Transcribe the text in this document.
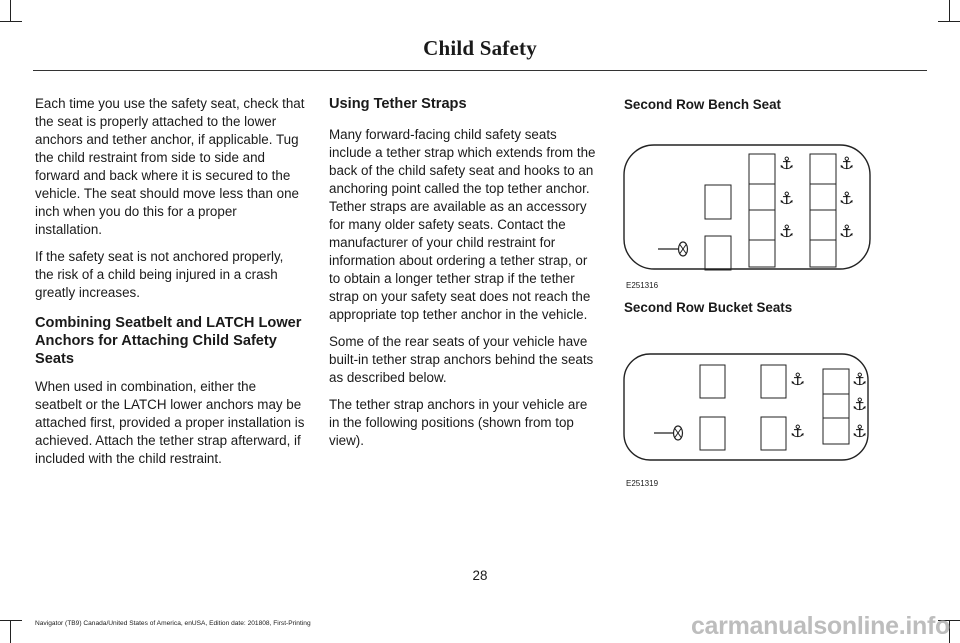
Child Safety

Each time you use the safety seat, check that the seat is properly attached to the lower anchors and tether anchor, if applicable. Tug the child restraint from side to side and forward and back where it is secured to the vehicle. The seat should move less than one inch when you do this for a proper installation.

If the safety seat is not anchored properly, the risk of a child being injured in a crash greatly increases.

Combining Seatbelt and LATCH Lower Anchors for Attaching Child Safety Seats

When used in combination, either the seatbelt or the LATCH lower anchors may be attached first, provided a proper installation is achieved. Attach the tether strap afterward, if included with the child restraint.

Using Tether Straps

Many forward-facing child safety seats include a tether strap which extends from the back of the child safety seat and hooks to an anchoring point called the top tether anchor. Tether straps are available as an accessory for many older safety seats. Contact the manufacturer of your child restraint for information about ordering a tether strap, or to obtain a longer tether strap if the tether strap on your safety seat does not reach the appropriate top tether anchor in the vehicle.

Some of the rear seats of your vehicle have built-in tether strap anchors behind the seats as described below.

The tether strap anchors in your vehicle are in the following positions (shown from top view).

Second Row Bench Seat
⚓
⚓
⚓
⚓
⚓
⚓
E251316
Second Row Bucket Seats
⚓
⚓
⚓
⚓
⚓
E251319
28
Navigator (TB9) Canada/United States of America, enUSA, Edition date: 201808, First-Printing	carmanualsonline.info
